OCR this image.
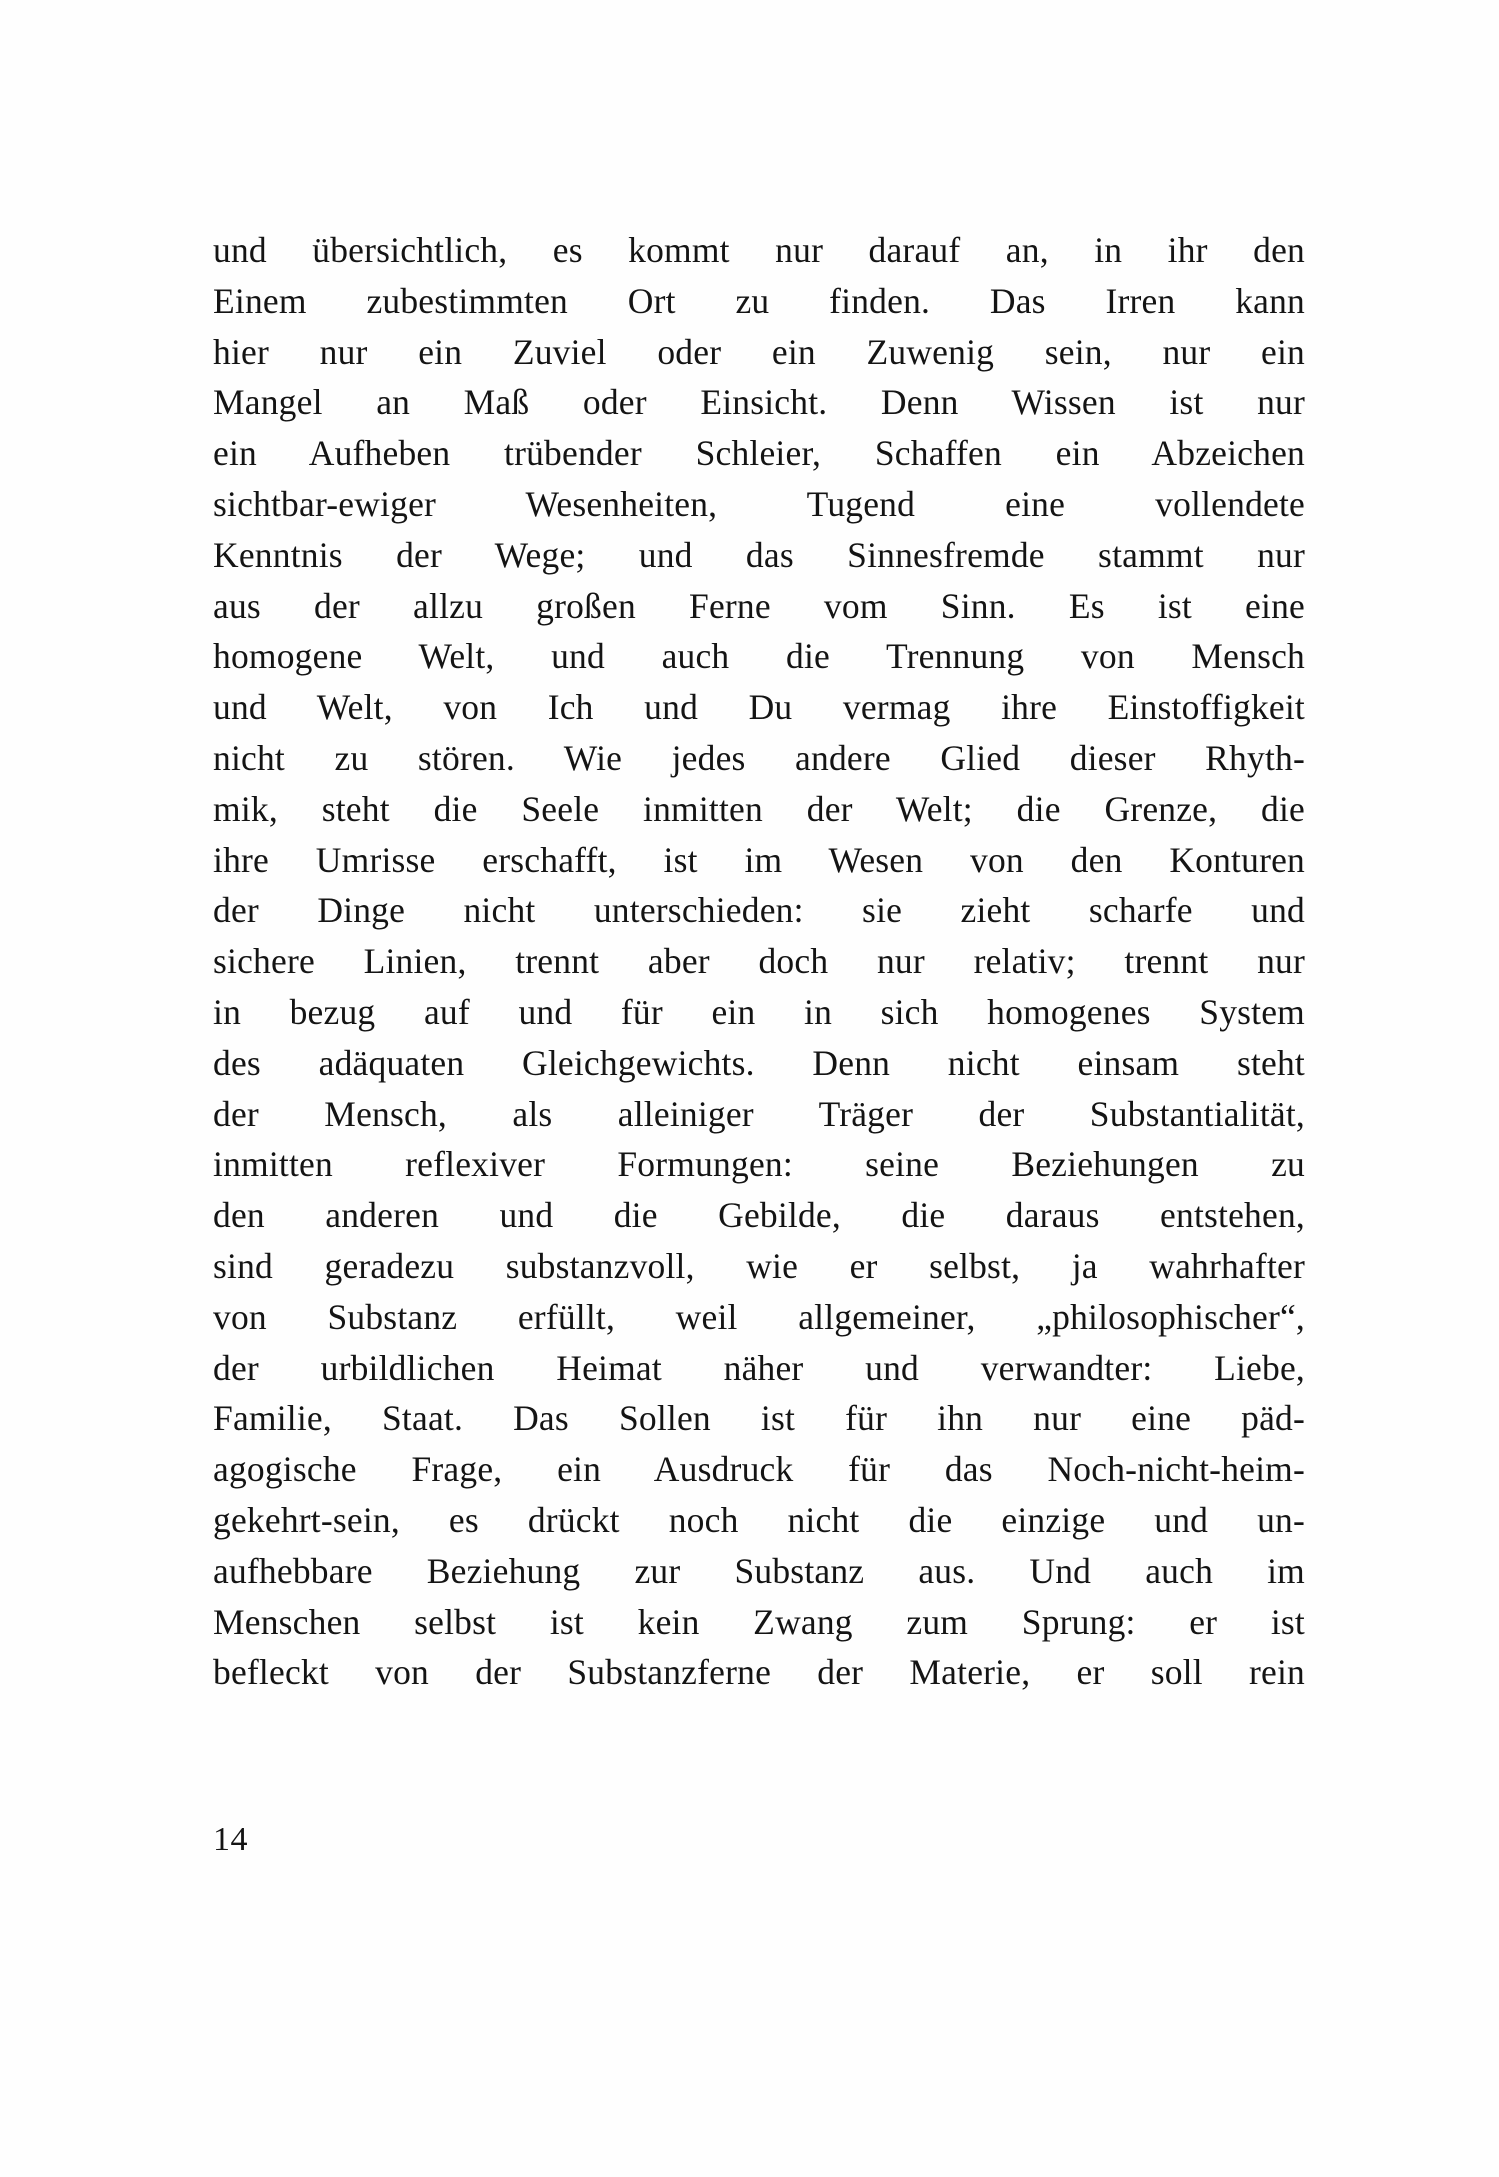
und übersichtlich, es kommt nur darauf an, in ihr den
Einem zubestimmten Ort zu finden. Das Irren kann
hier nur ein Zuviel oder ein Zuwenig sein, nur ein
Mangel an Maß oder Einsicht. Denn Wissen ist nur
ein Aufheben trübender Schleier, Schaffen ein Abzeichen
sichtbar-ewiger Wesenheiten, Tugend eine vollendete
Kenntnis der Wege; und das Sinnesfremde stammt nur
aus der allzu großen Ferne vom Sinn. Es ist eine
homogene Welt, und auch die Trennung von Mensch
und Welt, von Ich und Du vermag ihre Einstoffigkeit
nicht zu stören. Wie jedes andere Glied dieser Rhyth-
mik, steht die Seele inmitten der Welt; die Grenze, die
ihre Umrisse erschafft, ist im Wesen von den Konturen
der Dinge nicht unterschieden: sie zieht scharfe und
sichere Linien, trennt aber doch nur relativ; trennt nur
in bezug auf und für ein in sich homogenes System
des adäquaten Gleichgewichts. Denn nicht einsam steht
der Mensch, als alleiniger Träger der Substantialität,
inmitten reflexiver Formungen: seine Beziehungen zu
den anderen und die Gebilde, die daraus entstehen,
sind geradezu substanzvoll, wie er selbst, ja wahrhafter
von Substanz erfüllt, weil allgemeiner, „philosophischer“,
der urbildlichen Heimat näher und verwandter: Liebe,
Familie, Staat. Das Sollen ist für ihn nur eine päd-
agogische Frage, ein Ausdruck für das Noch-nicht-heim-
gekehrt-sein, es drückt noch nicht die einzige und un-
aufhebbare Beziehung zur Substanz aus. Und auch im
Menschen selbst ist kein Zwang zum Sprung: er ist
befleckt von der Substanzferne der Materie, er soll rein
14
